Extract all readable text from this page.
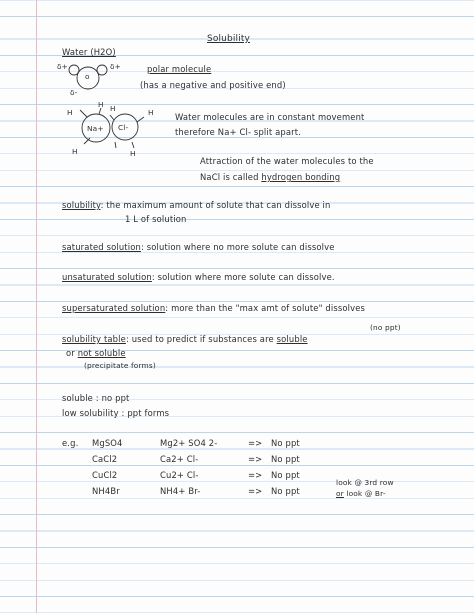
Solubility
Water (H2O)
δ+	δ+
o
δ-
polar molecule
(has a negative and positive end)
Na+ Cl-
H
H H	H
H	H
Water molecules are in constant movement
therefore Na+ Cl- split apart.
Attraction of the water molecules to the
NaCl is called hydrogen bonding
solubility: the maximum amount of solute that can dissolve in
1 L of solution
saturated solution: solution where no more solute can dissolve
unsaturated solution: solution where more solute can dissolve.
supersaturated solution: more than the "max amt of solute" dissolves
(no ppt)
solubility table: used to predict if substances are soluble
or not soluble
(precipitate forms)
soluble : no ppt
low solubility : ppt forms
e.g. MgSO4	Mg2+ SO4 2-	=> No ppt
CaCl2	Ca2+ Cl-	=> No ppt
CuCl2	Cu2+ Cl-	=> No ppt
NH4Br	NH4+ Br-	=> No ppt
look @ 3rd row
or look @ Br-
